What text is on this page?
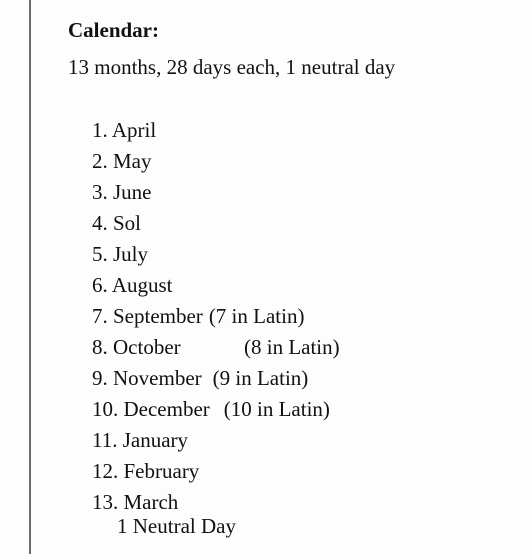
Calendar:
13 months, 28 days each, 1 neutral day
1. April
2. May
3. June
4. Sol
5. July
6. August
7. September (7 in Latin)
8. October	(8 in Latin)
9. November (9 in Latin)
10. December (10 in Latin)
11. January
12. February
13. March
1 Neutral Day
